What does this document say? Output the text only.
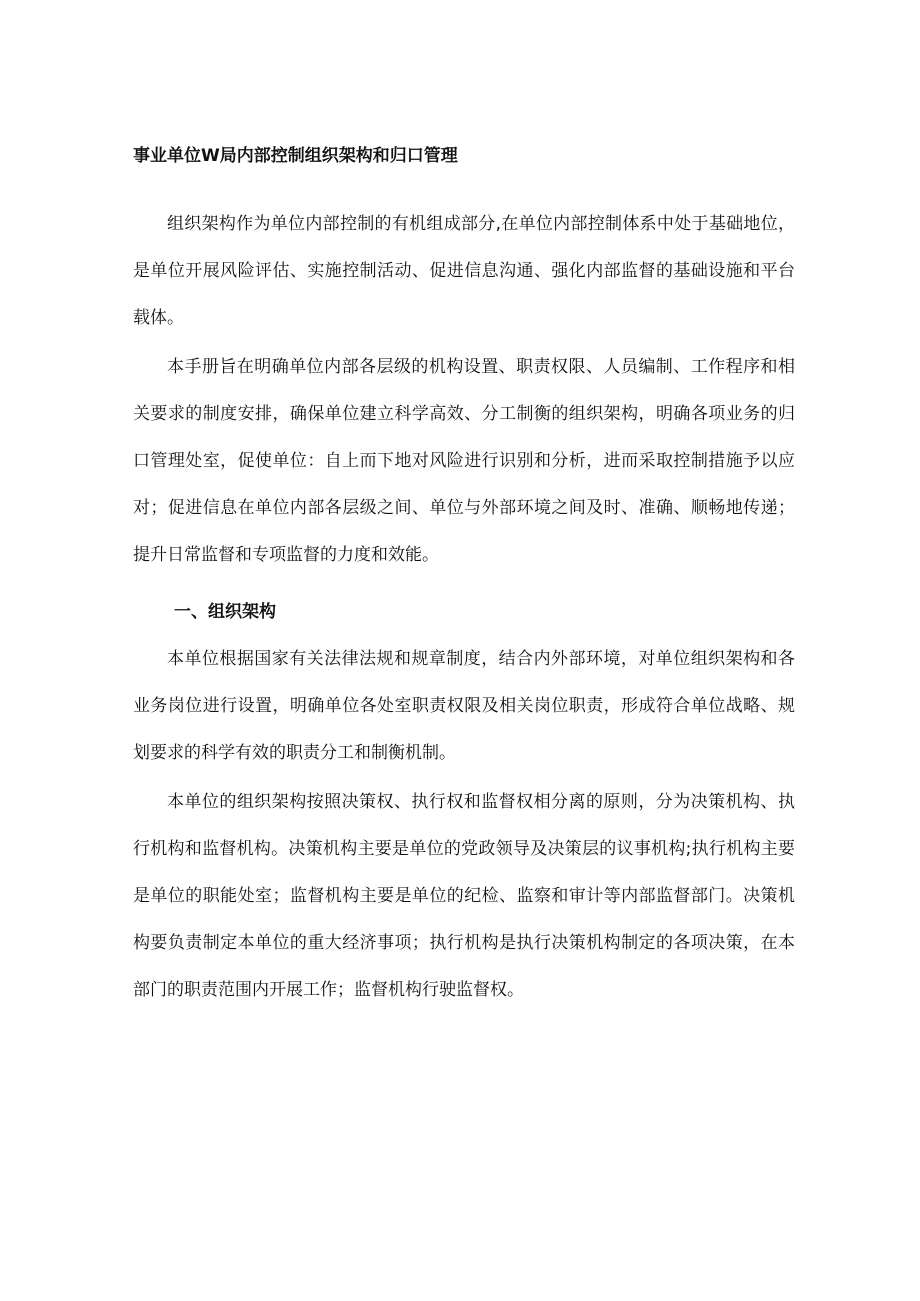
事业单位W局内部控制组织架构和归口管理

组织架构作为单位内部控制的有机组成部分,在单位内部控制体系中处于基础地位，是单位开展风险评估、实施控制活动、促进信息沟通、强化内部监督的基础设施和平台载体。

本手册旨在明确单位内部各层级的机构设置、职责权限、人员编制、工作程序和相关要求的制度安排，确保单位建立科学高效、分工制衡的组织架构，明确各项业务的归口管理处室，促使单位：自上而下地对风险进行识别和分析，进而采取控制措施予以应对；促进信息在单位内部各层级之间、单位与外部环境之间及时、准确、顺畅地传递；提升日常监督和专项监督的力度和效能。

一、组织架构

本单位根据国家有关法律法规和规章制度，结合内外部环境，对单位组织架构和各业务岗位进行设置，明确单位各处室职责权限及相关岗位职责，形成符合单位战略、规划要求的科学有效的职责分工和制衡机制。

本单位的组织架构按照决策权、执行权和监督权相分离的原则，分为决策机构、执行机构和监督机构。决策机构主要是单位的党政领导及决策层的议事机构;执行机构主要是单位的职能处室；监督机构主要是单位的纪检、监察和审计等内部监督部门。决策机构要负责制定本单位的重大经济事项；执行机构是执行决策机构制定的各项决策，在本部门的职责范围内开展工作；监督机构行驶监督权。
